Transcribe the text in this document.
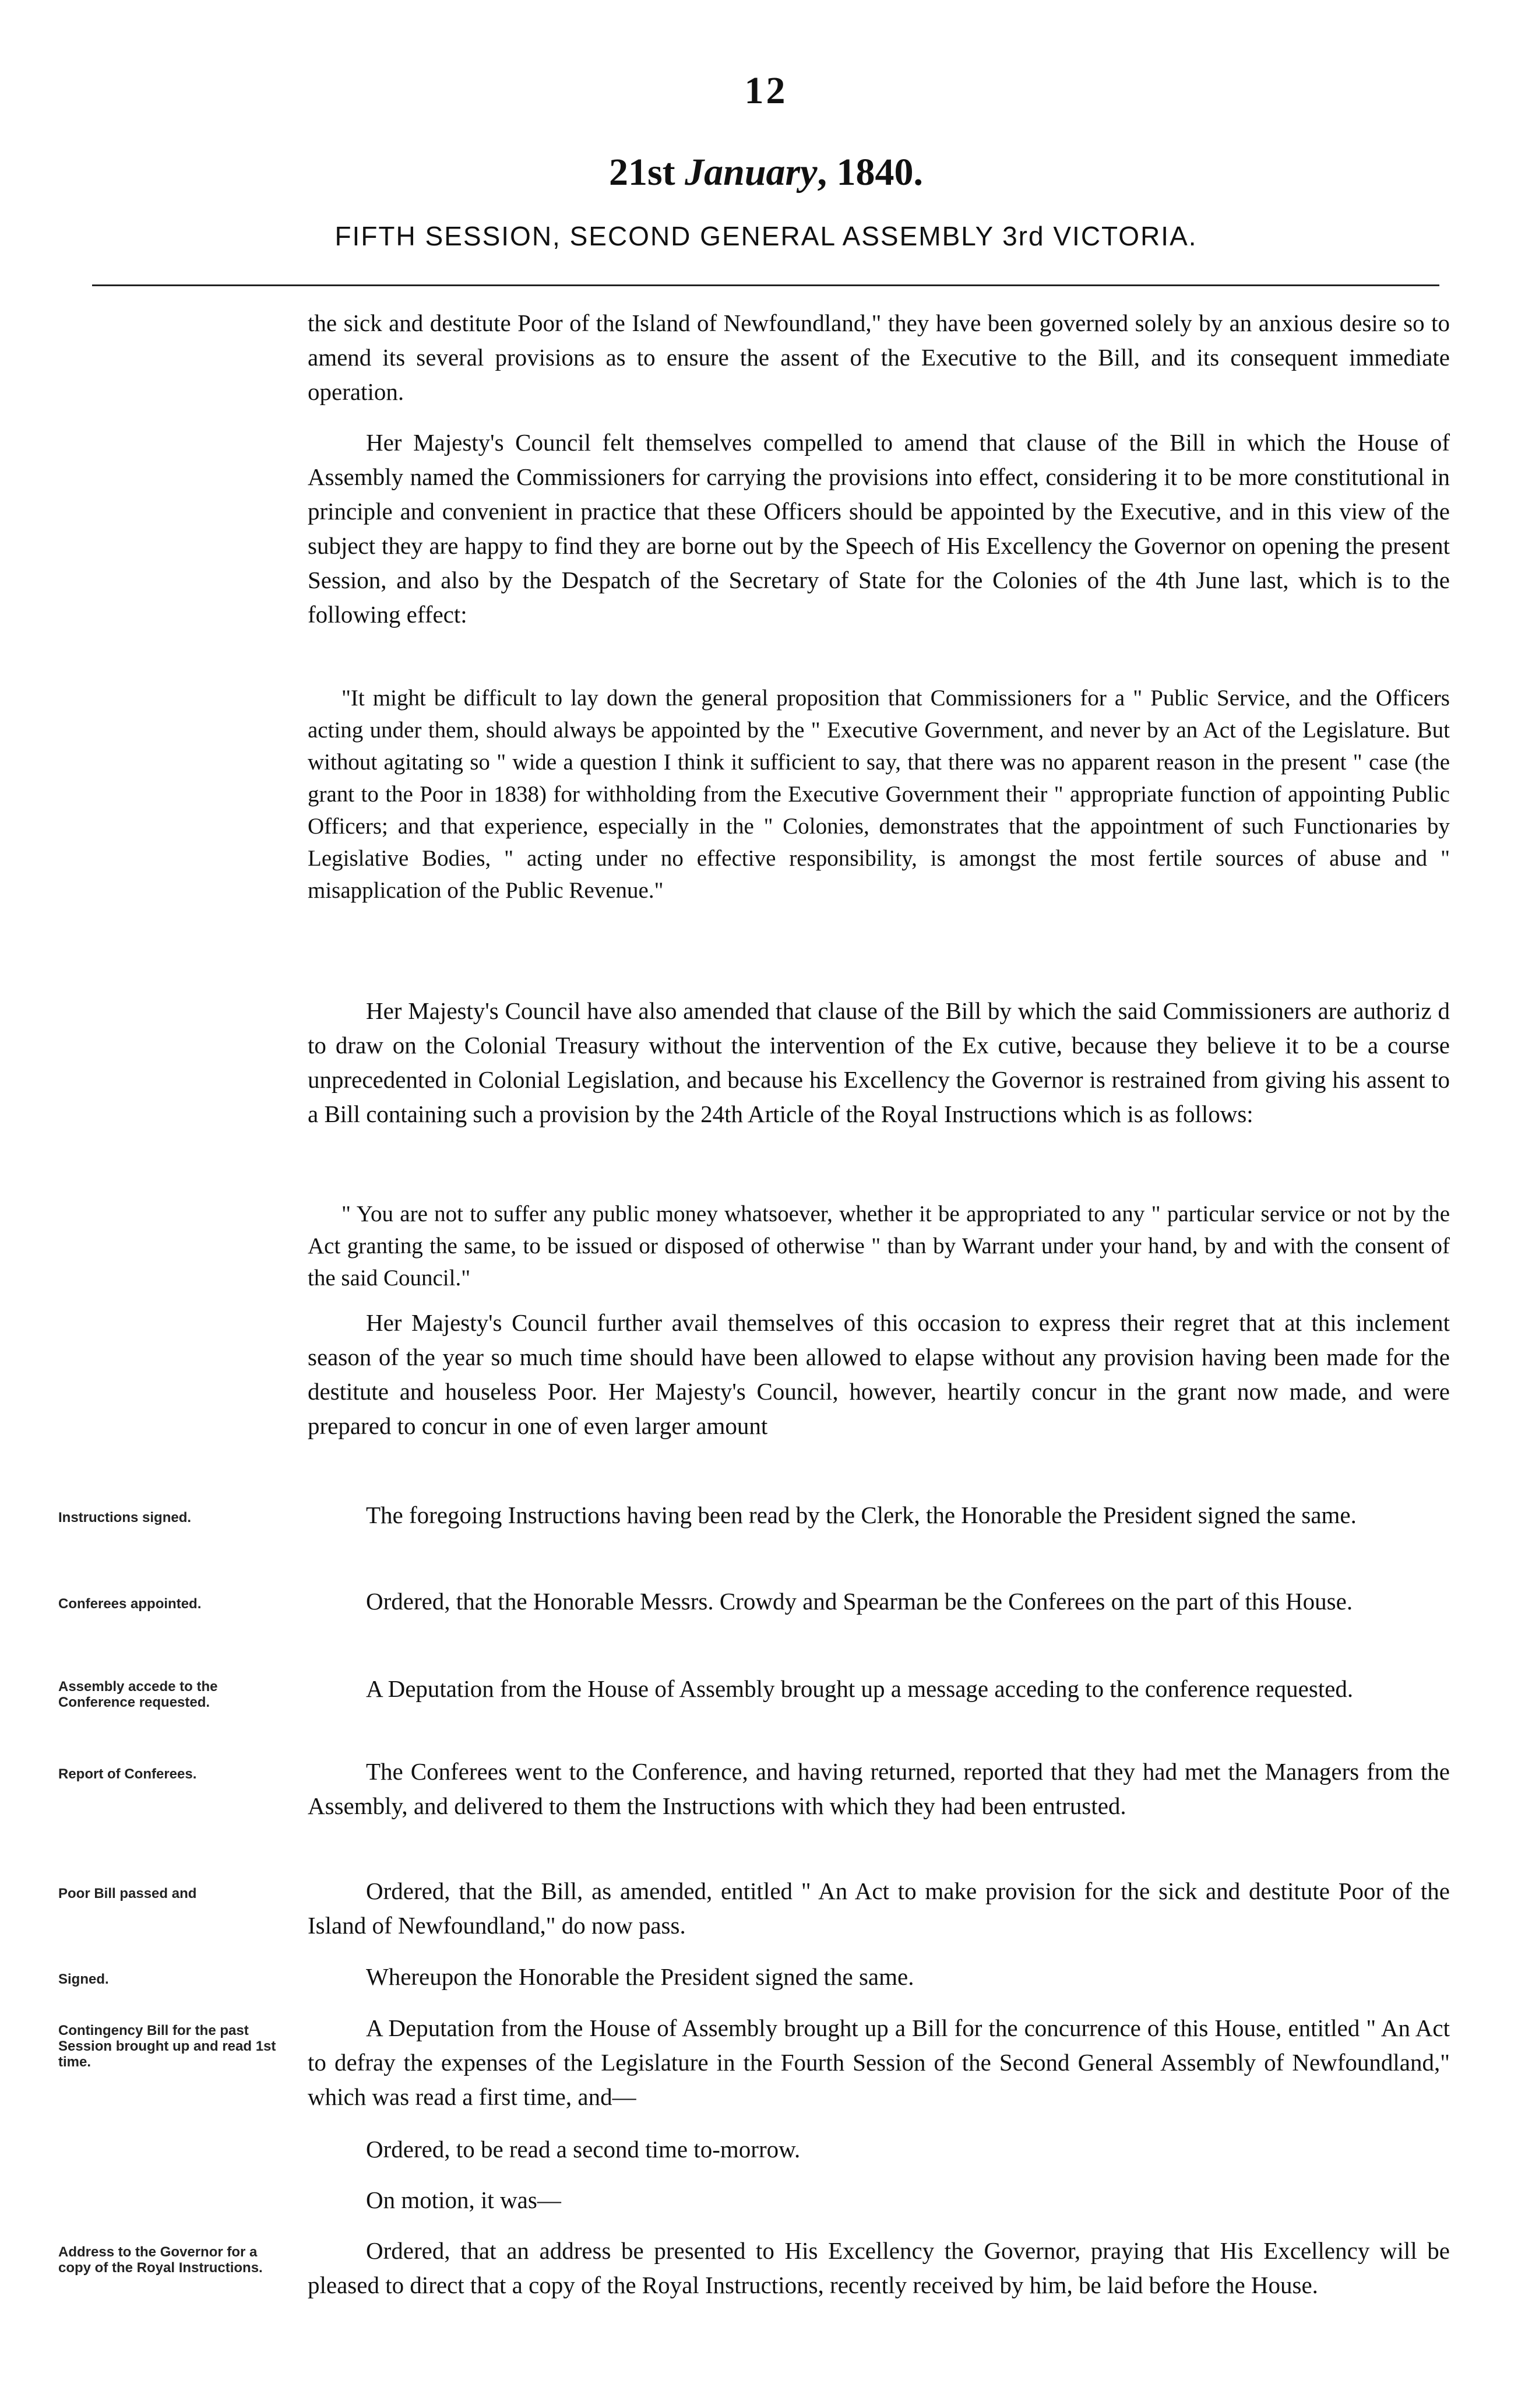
12
21st January, 1840.
FIFTH SESSION, SECOND GENERAL ASSEMBLY 3rd VICTORIA.

the sick and destitute Poor of the Island of Newfoundland," they have been governed solely by an anxious desire so to amend its several provisions as to ensure the assent of the Executive to the Bill, and its consequent immediate operation.

Her Majesty's Council felt themselves compelled to amend that clause of the Bill in which the House of Assembly named the Commissioners for carrying the provisions into effect, considering it to be more constitutional in principle and convenient in practice that these Officers should be appointed by the Executive, and in this view of the subject they are happy to find they are borne out by the Speech of His Excellency the Governor on opening the present Session, and also by the Despatch of the Secretary of State for the Colonies of the 4th June last, which is to the following effect:

"It might be difficult to lay down the general proposition that Commissioners for a " Public Service, and the Officers acting under them, should always be appointed by the " Executive Government, and never by an Act of the Legislature. But without agitating so " wide a question I think it sufficient to say, that there was no apparent reason in the present " case (the grant to the Poor in 1838) for withholding from the Executive Government their " appropriate function of appointing Public Officers; and that experience, especially in the " Colonies, demonstrates that the appointment of such Functionaries by Legislative Bodies, " acting under no effective responsibility, is amongst the most fertile sources of abuse and " misapplication of the Public Revenue."

Her Majesty's Council have also amended that clause of the Bill by which the said Commissioners are authoriz d to draw on the Colonial Treasury without the intervention of the Ex cutive, because they believe it to be a course unprecedented in Colonial Legislation, and because his Excellency the Governor is restrained from giving his assent to a Bill containing such a provision by the 24th Article of the Royal Instructions which is as follows:

" You are not to suffer any public money whatsoever, whether it be appropriated to any " particular service or not by the Act granting the same, to be issued or disposed of otherwise " than by Warrant under your hand, by and with the consent of the said Council."

Her Majesty's Council further avail themselves of this occasion to express their regret that at this inclement season of the year so much time should have been allowed to elapse without any provision having been made for the destitute and houseless Poor. Her Majesty's Council, however, heartily concur in the grant now made, and were prepared to concur in one of even larger amount

The foregoing Instructions having been read by the Clerk, the Honorable the President signed the same.

Ordered, that the Honorable Messrs. Crowdy and Spearman be the Conferees on the part of this House.

A Deputation from the House of Assembly brought up a message acceding to the conference requested.

The Conferees went to the Conference, and having returned, reported that they had met the Managers from the Assembly, and delivered to them the Instructions with which they had been entrusted.

Ordered, that the Bill, as amended, entitled " An Act to make provision for the sick and destitute Poor of the Island of Newfoundland," do now pass.

Whereupon the Honorable the President signed the same.

A Deputation from the House of Assembly brought up a Bill for the concurrence of this House, entitled " An Act to defray the expenses of the Legislature in the Fourth Session of the Second General Assembly of Newfoundland," which was read a first time, and—

Ordered, to be read a second time to-morrow.

On motion, it was—

Ordered, that an address be presented to His Excellency the Governor, praying that His Excellency will be pleased to direct that a copy of the Royal Instructions, recently received by him, be laid before the House.

Instructions signed.
Conferees appointed.
Assembly accede to the Conference requested.
Report of Conferees.
Poor Bill passed and
Signed.
Contingency Bill for the past Session brought up and read 1st time.
Address to the Governor for a copy of the Royal Instructions.
